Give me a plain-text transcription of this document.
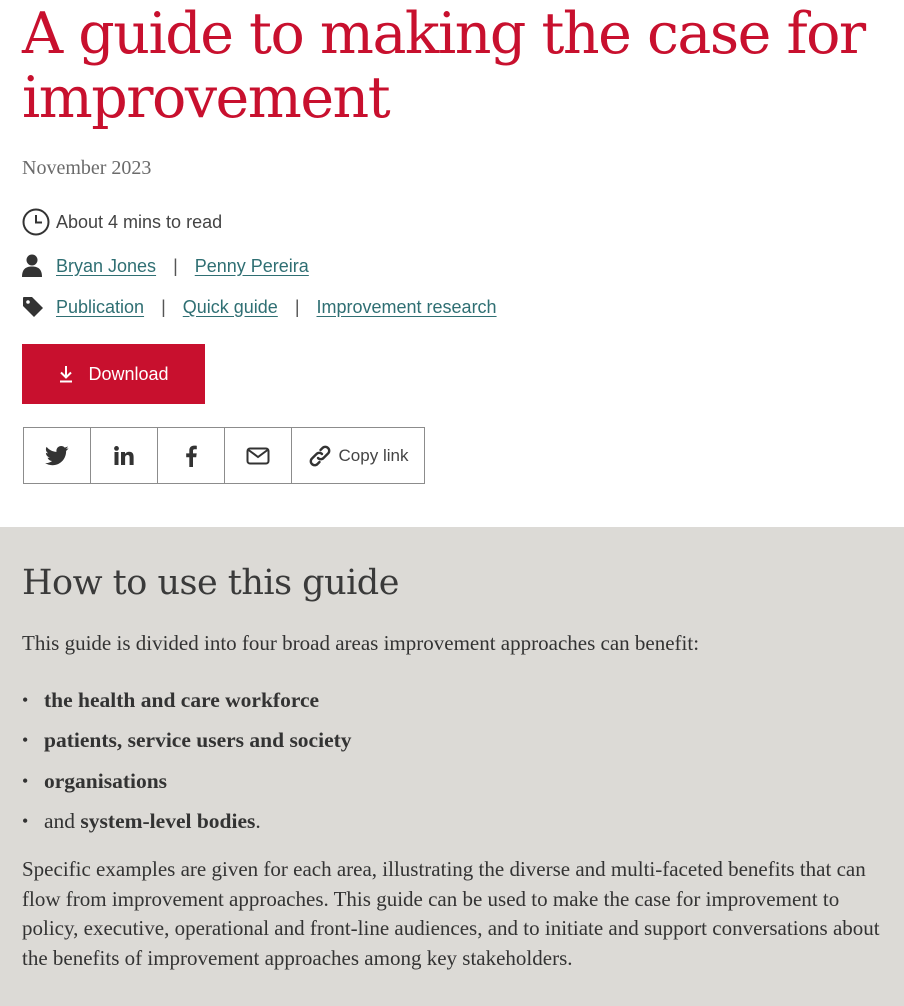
A guide to making the case for improvement
November 2023
About 4 mins to read
Bryan Jones | Penny Pereira
Publication | Quick guide | Improvement research
Download
Copy link
How to use this guide

This guide is divided into four broad areas improvement approaches can benefit:

• the health and care workforce
• patients, service users and society
• organisations
• and system-level bodies .

Specific examples are given for each area, illustrating the diverse and multi-faceted benefits that can flow from improvement approaches. This guide can be used to make the case for improvement to policy, executive, operational and front-line audiences, and to initiate and support conversations about the benefits of improvement approaches among key stakeholders.
